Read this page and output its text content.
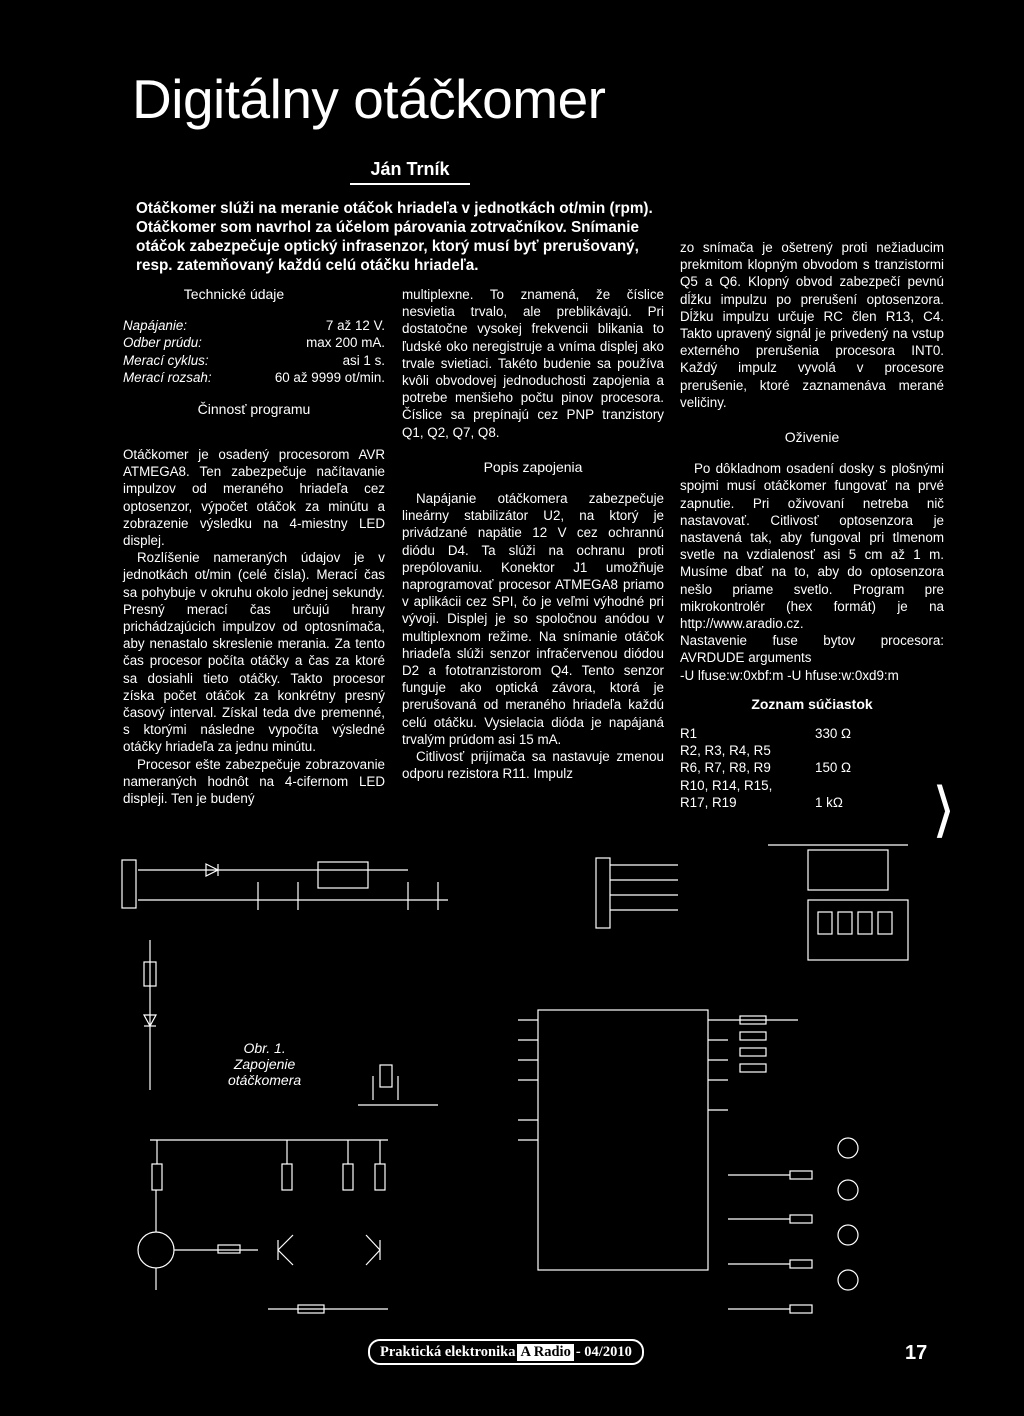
Digitálny otáčkomer
Ján Trník

Otáčkomer slúži na meranie otáčok hriadeľa v jednotkách ot/min (rpm). Otáčkomer som navrhol za účelom párovania zotrvačníkov. Snímanie otáčok zabezpečuje optický infrasenzor, ktorý musí byť prerušovaný, resp. zatemňovaný každú celú otáčku hriadeľa.

Technické údaje
Napájanie:	7 až 12 V.
Odber prúdu:	max 200 mA.
Merací cyklus:	asi 1 s.
Merací rozsah:	60 až 9999 ot/min.
Činnosť programu

Otáčkomer je osadený procesorom AVR ATMEGA8. Ten zabezpečuje načítavanie impulzov od meraného hriadeľa cez optosenzor, výpočet otáčok za minútu a zobrazenie výsledku na 4-miestny LED displej.

Rozlíšenie nameraných údajov je v jednotkách ot/min (celé čísla). Merací čas sa pohybuje v okruhu okolo jednej sekundy. Presný merací čas určujú hrany prichádzajúcich impulzov od optosnímača, aby nenastalo skreslenie merania. Za tento čas procesor počíta otáčky a čas za ktoré sa dosiahli tieto otáčky. Takto procesor získa počet otáčok za konkrétny presný časový interval. Získal teda dve premenné, s ktorými následne vypočíta výsledné otáčky hriadeľa za jednu minútu.

Procesor ešte zabezpečuje zobrazovanie nameraných hodnôt na 4-cifernom LED displeji. Ten je budený

multiplexne. To znamená, že číslice nesvietia trvalo, ale preblikávajú. Pri dostatočne vysokej frekvencii blikania to ľudské oko neregistruje a vníma displej ako trvale svietiaci. Takéto budenie sa používa kvôli obvodovej jednoduchosti zapojenia a potrebe menšieho počtu pinov procesora. Číslice sa prepínajú cez PNP tranzistory Q1, Q2, Q7, Q8.

Popis zapojenia

Napájanie otáčkomera zabezpečuje lineárny stabilizátor U2, na ktorý je privádzané napätie 12 V cez ochrannú diódu D4. Ta slúži na ochranu proti prepólovaniu. Konektor J1 umožňuje naprogramovať procesor ATMEGA8 priamo v aplikácii cez SPI, čo je veľmi výhodné pri vývoji. Displej je so spoločnou anódou v multiplexnom režime. Na snímanie otáčok hriadeľa slúži senzor infračervenou diódou D2 a fototranzistorom Q4. Tento senzor funguje ako optická závora, ktorá je prerušovaná od meraného hriadeľa každú celú otáčku. Vysielacia dióda je napájaná trvalým prúdom asi 15 mA.

Citlivosť prijímača sa nastavuje zmenou odporu rezistora R11. Impulz

zo snímača je ošetrený proti nežiaducim prekmitom klopným obvodom s tranzistormi Q5 a Q6. Klopný obvod zabezpečí pevnú dĺžku impulzu po prerušení optosenzora. Dĺžku impulzu určuje RC člen R13, C4. Takto upravený signál je privedený na vstup externého prerušenia procesora INT0. Každý impulz vyvolá v procesore prerušenie, ktoré zaznamenáva merané veličiny.

Oživenie

Po dôkladnom osadení dosky s plošnými spojmi musí otáčkomer fungovať na prvé zapnutie. Pri oživovaní netreba nič nastavovať. Citlivosť optosenzora je nastavená tak, aby fungoval pri tlmenom svetle na vzdialenosť asi 5 cm až 1 m. Musíme dbať na to, aby do optosenzora nešlo priame svetlo. Program pre mikrokontrolér (hex formát) je na http://www.aradio.cz.

Nastavenie fuse bytov procesora: AVRDUDE arguments

-U lfuse:w:0xbf:m -U hfuse:w:0xd9:m

Zoznam súčiastok
R1	330 Ω
R2, R3, R4, R5
R6, R7, R8, R9	150 Ω
R10, R14, R15,
R17, R19	1 kΩ	⟩
Obr. 1.
Zapojenie
otáčkomera
Praktická elektronika A Radio - 04/2010	17
